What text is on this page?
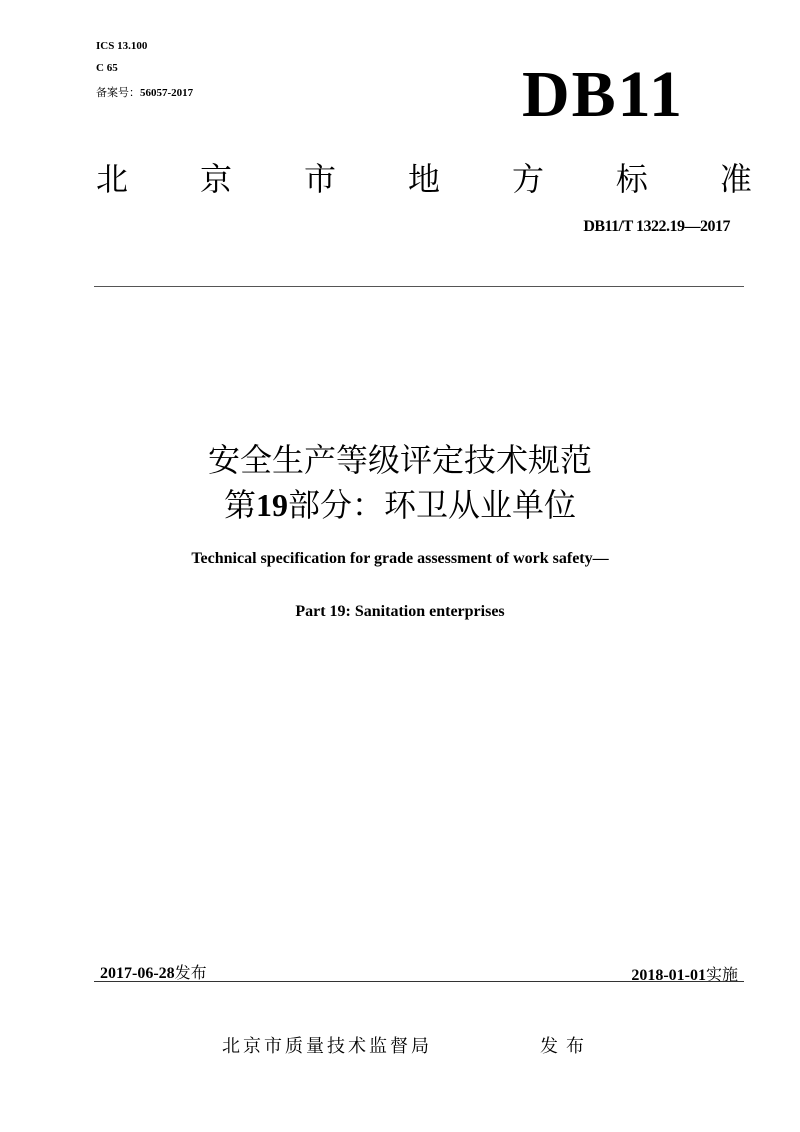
ICS 13.100
C 65
备案号： 56057-2017	DB11
北 京 市 地 方 标 准
DB11/T 1322.19—2017
安全生产等级评定技术规范
第19部分：环卫从业单位
Technical specification for grade assessment of work safety—
Part 19: Sanitation enterprises
2017-06-28 发布	2018-01-01 实施
北京市质量技术监督局	发布
